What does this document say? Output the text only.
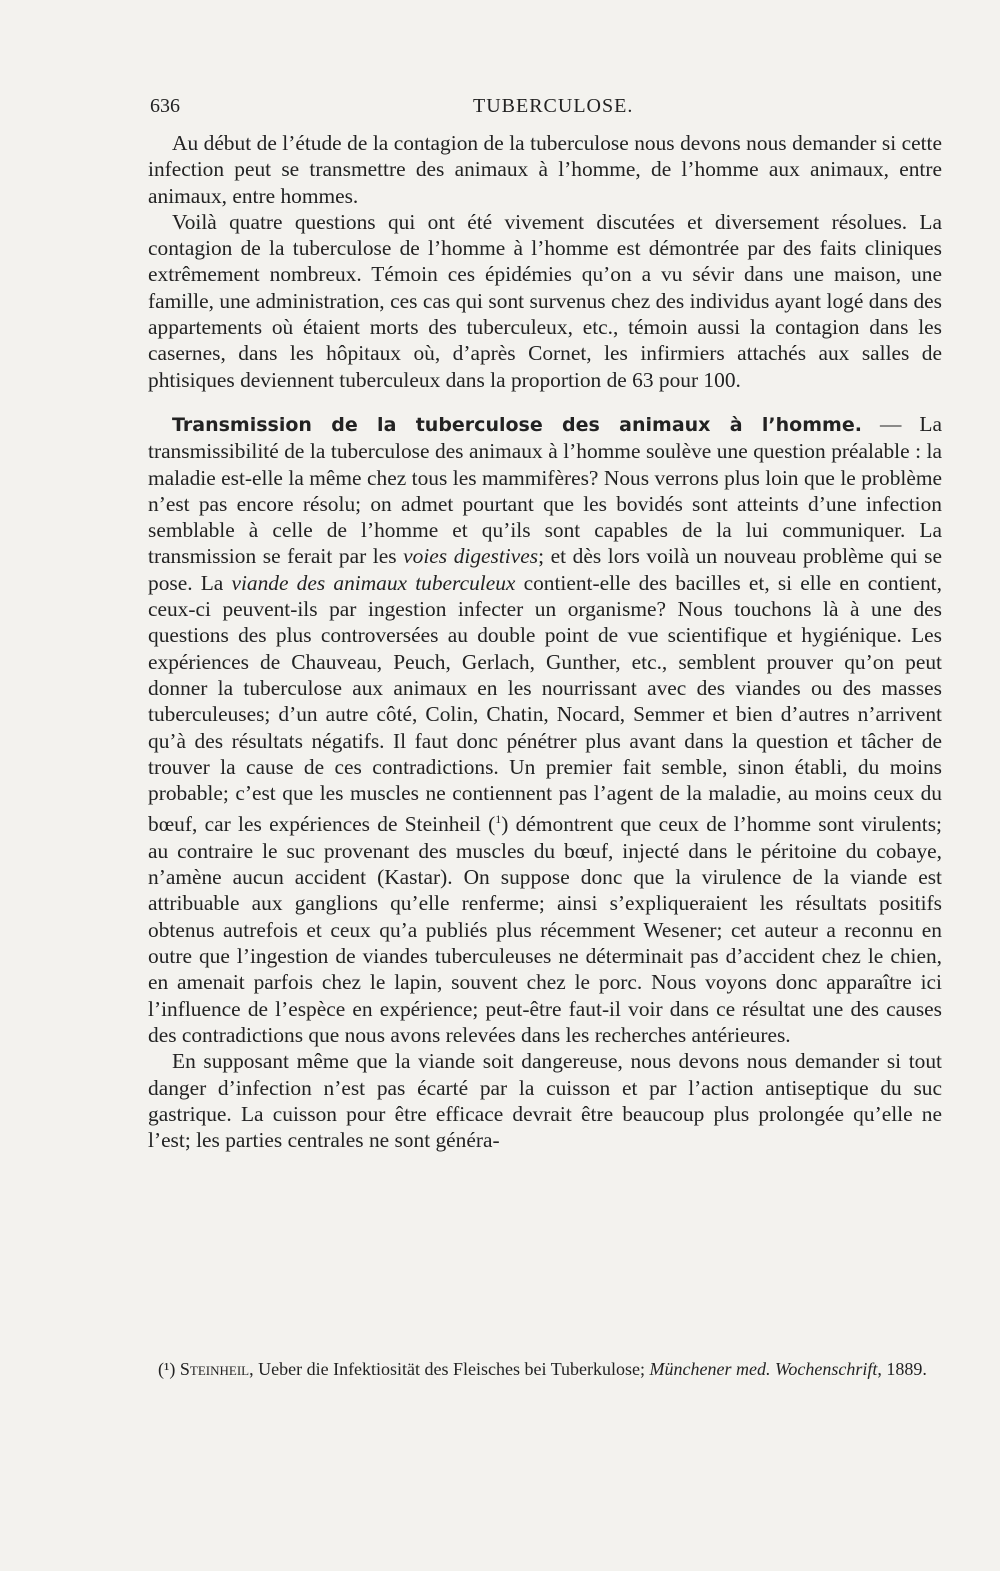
636	TUBERCULOSE.

Au début de l’étude de la contagion de la tuberculose nous devons nous demander si cette infection peut se transmettre des animaux à l’homme, de l’homme aux animaux, entre animaux, entre hommes.

Voilà quatre questions qui ont été vivement discutées et diversement résolues. La contagion de la tuberculose de l’homme à l’homme est démontrée par des faits cliniques extrêmement nombreux. Témoin ces épidémies qu’on a vu sévir dans une maison, une famille, une administration, ces cas qui sont survenus chez des individus ayant logé dans des appartements où étaient morts des tuberculeux, etc., témoin aussi la contagion dans les casernes, dans les hôpitaux où, d’après Cornet, les infirmiers attachés aux salles de phtisiques deviennent tuberculeux dans la proportion de 63 pour 100.

Transmission de la tuberculose des animaux à l’homme. — La transmissibilité de la tuberculose des animaux à l’homme soulève une question préalable : la maladie est-elle la même chez tous les mammifères? Nous verrons plus loin que le problème n’est pas encore résolu; on admet pourtant que les bovidés sont atteints d’une infection semblable à celle de l’homme et qu’ils sont capables de la lui communiquer. La transmission se ferait par les voies digestives; et dès lors voilà un nouveau problème qui se pose. La viande des animaux tuberculeux contient-elle des bacilles et, si elle en contient, ceux-ci peuvent-ils par ingestion infecter un organisme? Nous touchons là à une des questions des plus controversées au double point de vue scientifique et hygiénique. Les expériences de Chauveau, Peuch, Gerlach, Gunther, etc., semblent prouver qu’on peut donner la tuberculose aux animaux en les nourrissant avec des viandes ou des masses tuberculeuses; d’un autre côté, Colin, Chatin, Nocard, Semmer et bien d’autres n’arrivent qu’à des résultats négatifs. Il faut donc pénétrer plus avant dans la question et tâcher de trouver la cause de ces contradictions. Un premier fait semble, sinon établi, du moins probable; c’est que les muscles ne contiennent pas l’agent de la maladie, au moins ceux du bœuf, car les expériences de Steinheil ($^1$) démontrent que ceux de l’homme sont virulents; au contraire le suc provenant des muscles du bœuf, injecté dans le péritoine du cobaye, n’amène aucun accident (Kastar). On suppose donc que la virulence de la viande est attribuable aux ganglions qu’elle renferme; ainsi s’expliqueraient les résultats positifs obtenus autrefois et ceux qu’a publiés plus récemment Wesener; cet auteur a reconnu en outre que l’ingestion de viandes tuberculeuses ne déterminait pas d’accident chez le chien, en amenait parfois chez le lapin, souvent chez le porc. Nous voyons donc apparaître ici l’influence de l’espèce en expérience; peut-être faut-il voir dans ce résultat une des causes des contradictions que nous avons relevées dans les recherches antérieures.

En supposant même que la viande soit dangereuse, nous devons nous demander si tout danger d’infection n’est pas écarté par la cuisson et par l’action antiseptique du suc gastrique. La cuisson pour être efficace devrait être beaucoup plus prolongée qu’elle ne l’est; les parties centrales ne sont généra-

(¹) Steinheil, Ueber die Infektiosität des Fleisches bei Tuberkulose; Münchener med. Wochenschrift, 1889.
